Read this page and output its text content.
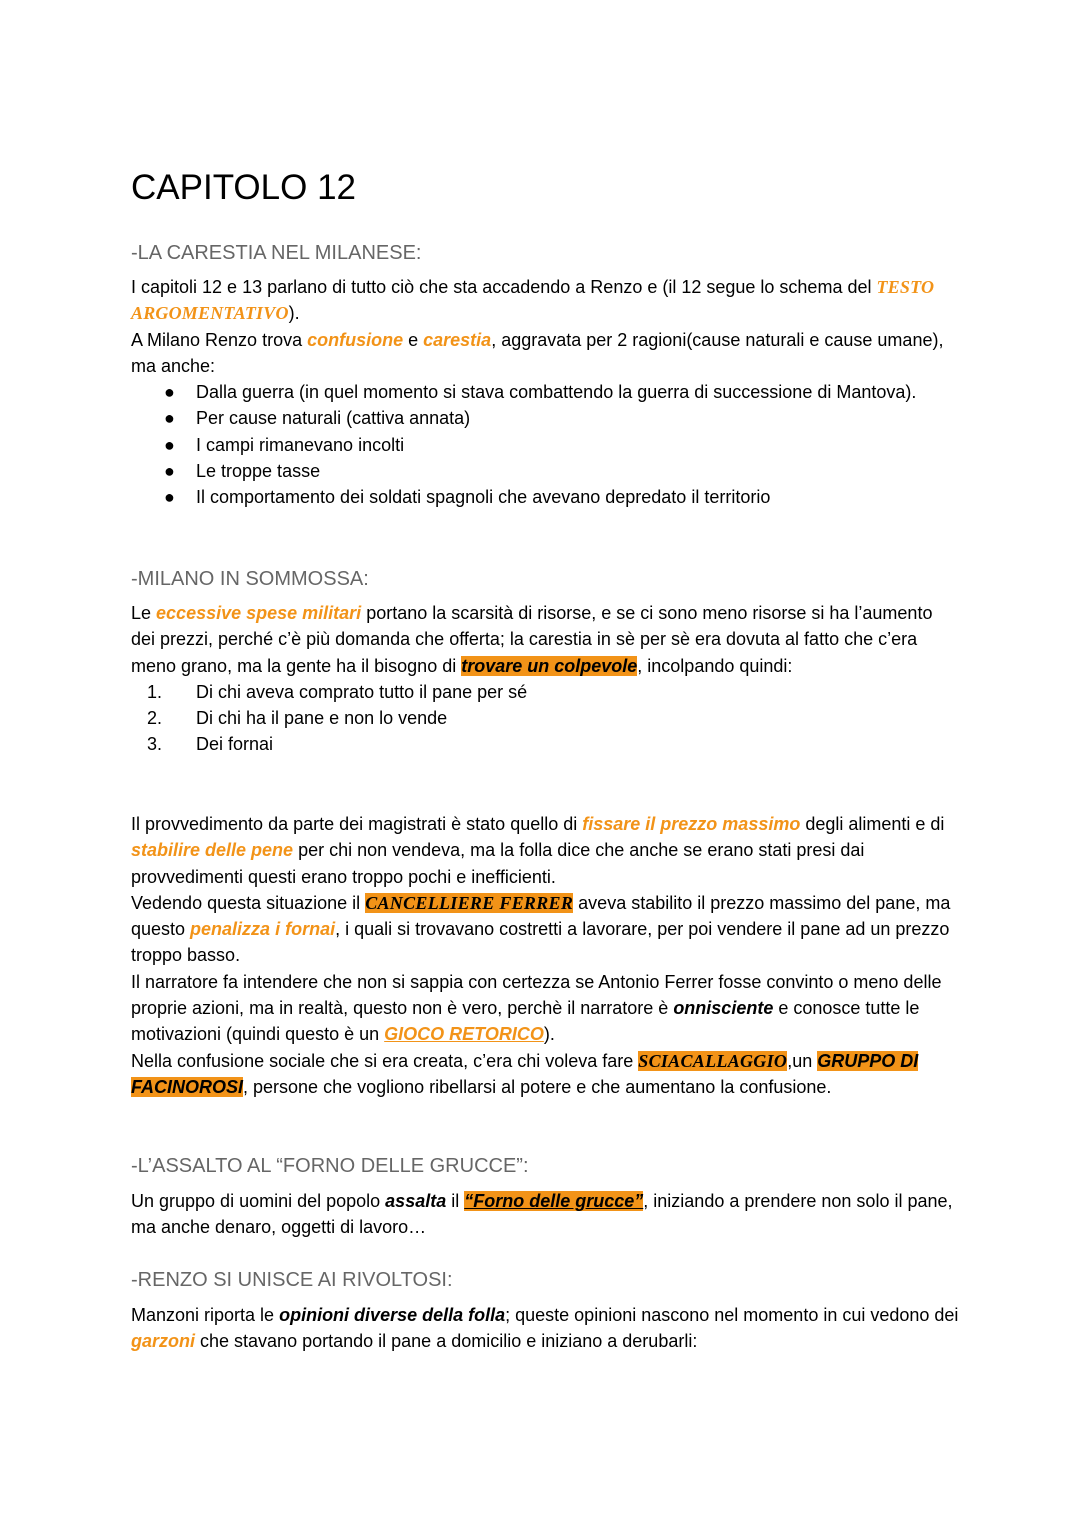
CAPITOLO 12
-LA CARESTIA NEL MILANESE:

I capitoli 12 e 13 parlano di tutto ciò che sta accadendo a Renzo e (il 12 segue lo schema del TESTO ARGOMENTATIVO).

A Milano Renzo trova confusione e carestia, aggravata per 2 ragioni(cause naturali e cause umane), ma anche:

● Dalla guerra (in quel momento si stava combattendo la guerra di successione di Mantova).
● Per cause naturali (cattiva annata)
● I campi rimanevano incolti
● Le troppe tasse
● Il comportamento dei soldati spagnoli che avevano depredato il territorio
-MILANO IN SOMMOSSA:

Le eccessive spese militari portano la scarsità di risorse, e se ci sono meno risorse si ha l’aumento dei prezzi, perché c’è più domanda che offerta; la carestia in sè per sè era dovuta al fatto che c’era meno grano, ma la gente ha il bisogno di trovare un colpevole, incolpando quindi:

1. Di chi aveva comprato tutto il pane per sé
2. Di chi ha il pane e non lo vende
3. Dei fornai

Il provvedimento da parte dei magistrati è stato quello di fissare il prezzo massimo degli alimenti e di stabilire delle pene per chi non vendeva, ma la folla dice che anche se erano stati presi dai provvedimenti questi erano troppo pochi e inefficienti.

Vedendo questa situazione il CANCELLIERE FERRER aveva stabilito il prezzo massimo del pane, ma questo penalizza i fornai, i quali si trovavano costretti a lavorare, per poi vendere il pane ad un prezzo troppo basso.

Il narratore fa intendere che non si sappia con certezza se Antonio Ferrer fosse convinto o meno delle proprie azioni, ma in realtà, questo non è vero, perchè il narratore è onnisciente e conosce tutte le motivazioni (quindi questo è un GIOCO RETORICO).

Nella confusione sociale che si era creata, c’era chi voleva fare SCIACALLAGGIO,un GRUPPO DI FACINOROSI, persone che vogliono ribellarsi al potere e che aumentano la confusione.

-L’ASSALTO AL “FORNO DELLE GRUCCE”:

Un gruppo di uomini del popolo assalta il “Forno delle grucce”, iniziando a prendere non solo il pane, ma anche denaro, oggetti di lavoro…

-RENZO SI UNISCE AI RIVOLTOSI:

Manzoni riporta le opinioni diverse della folla; queste opinioni nascono nel momento in cui vedono dei garzoni che stavano portando il pane a domicilio e iniziano a derubarli:
